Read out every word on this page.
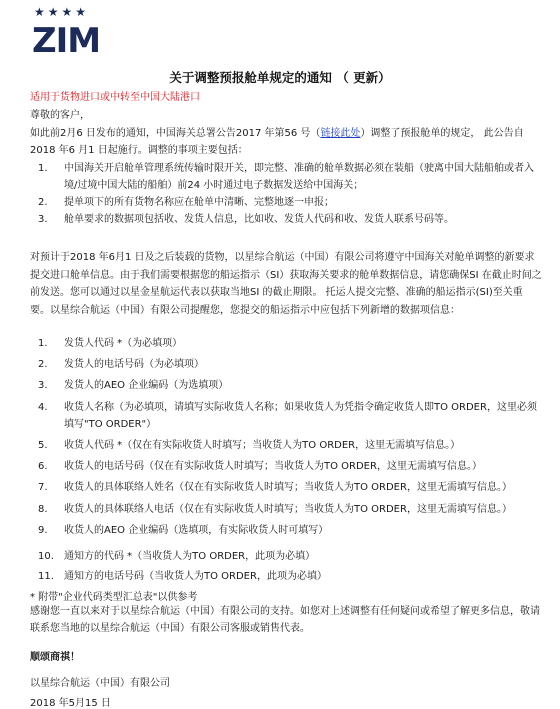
★ ★ ★ ★
ZIM
关于调整预报舱单规定的通知 （ 更新）
适用于货物进口或中转至中国大陆港口
尊敬的客户，
如此前2月6 日发布的通知，中国海关总署公告2017 年第56 号（链接此处）调整了预报舱单的规定， 此公告自2018 年6 月1 日起施行。调整的事项主要包括：
1.	中国海关开启舱单管理系统传输时限开关，即完整、准确的舱单数据必须在装船（驶离中国大陆船舶或者入境/过境中国大陆的船舶）前24 小时通过电子数据发送给中国海关；
2.	提单项下的所有货物名称应在舱单中清晰、完整地逐一申报；
3.	舱单要求的数据项包括收、发货人信息，比如收、发货人代码和收、发货人联系号码等。
对预计于2018 年6月1 日及之后装载的货物，以星综合航运（中国）有限公司将遵守中国海关对舱单调整的新要求提交进口舱单信息。由于我们需要根据您的船运指示（SI）获取海关要求的舱单数据信息，请您确保SI 在截止时间之前发送。您可以通过以星金星航运代表以获取当地SI 的截止期限。 托运人提交完整、准确的船运指示(SI)至关重要。以星综合航运（中国）有限公司提醒您，您提交的船运指示中应包括下列新增的数据项信息：
1.	发货人代码 *（为必填项）
2.	发货人的电话号码（为必填项）
3.	发货人的AEO 企业编码（为选填项）
4.	收货人名称（为必填项，请填写实际收货人名称；如果收货人为凭指令确定收货人即TO ORDER，这里必须填写"TO ORDER"）
5.	收货人代码 *（仅在有实际收货人时填写；当收货人为TO ORDER，这里无需填写信息。）
6.	收货人的电话号码（仅在有实际收货人时填写；当收货人为TO ORDER，这里无需填写信息。）
7.	收货人的具体联络人姓名（仅在有实际收货人时填写；当收货人为TO ORDER，这里无需填写信息。）
8.	收货人的具体联络人电话（仅在有实际收货人时填写；当收货人为TO ORDER，这里无需填写信息。）
9.	收货人的AEO 企业编码（选填项，有实际收货人时可填写）
10.	通知方的代码 *（当收货人为TO ORDER，此项为必填）
11.	通知方的电话号码（当收货人为TO ORDER，此项为必填）
* 附带"企业代码类型汇总表"以供参考
感谢您一直以来对于以星综合航运（中国）有限公司的支持。如您对上述调整有任何疑问或希望了解更多信息，敬请联系您当地的以星综合航运（中国）有限公司客服或销售代表。
顺颂商祺！
以星综合航运（中国）有限公司
2018 年5月15 日
